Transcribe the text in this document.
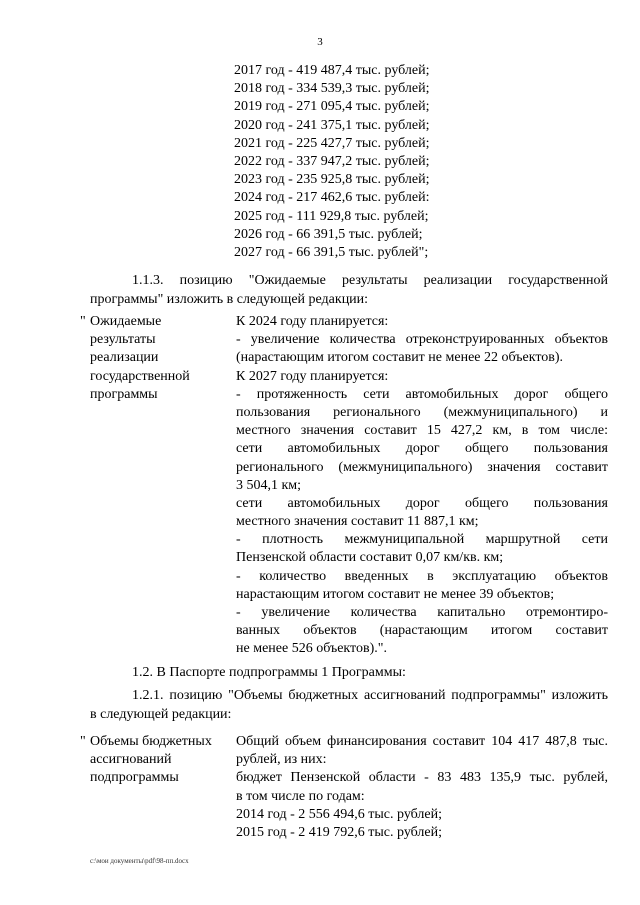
3
2017 год - 419 487,4 тыс. рублей;
2018 год - 334 539,3 тыс. рублей;
2019 год - 271 095,4 тыс. рублей;
2020 год - 241 375,1 тыс. рублей;
2021 год - 225 427,7 тыс. рублей;
2022 год - 337 947,2 тыс. рублей;
2023 год - 235 925,8 тыс. рублей;
2024 год - 217 462,6 тыс. рублей:
2025 год - 111 929,8 тыс. рублей;
2026 год - 66 391,5 тыс. рублей;
2027 год - 66 391,5 тыс. рублей";
1.1.3. позицию "Ожидаемые результаты реализации государственной
программы" изложить в следующей редакции:
" Ожидаемые
результаты
реализации
государственной
программы
К 2024 году планируется:
- увеличение количества отреконструированных объектов
(нарастающим итогом составит не менее 22 объектов).
К 2027 году планируется:
- протяженность сети автомобильных дорог общего
пользования регионального (межмуниципального) и
местного значения составит 15 427,2 км, в том числе:
сети автомобильных дорог общего пользования
регионального (межмуниципального) значения составит
3 504,1 км;
сети автомобильных дорог общего пользования
местного значения составит 11 887,1 км;
- плотность межмуниципальной маршрутной сети
Пензенской области составит 0,07 км/кв. км;
- количество введенных в эксплуатацию объектов
нарастающим итогом составит не менее 39 объектов;
- увеличение количества капитально отремонтиро-
ванных объектов (нарастающим итогом составит
не менее 526 объектов).".
1.2. В Паспорте подпрограммы 1 Программы:
1.2.1. позицию "Объемы бюджетных ассигнований подпрограммы" изложить
в следующей редакции:
" Объемы бюджетных
ассигнований
подпрограммы
Общий объем финансирования составит 104 417 487,8 тыс.
рублей, из них:
бюджет Пензенской области - 83 483 135,9 тыс. рублей,
в том числе по годам:
2014 год - 2 556 494,6 тыс. рублей;
2015 год - 2 419 792,6 тыс. рублей;
c:\мои документы\pdf\98-пп.docx
